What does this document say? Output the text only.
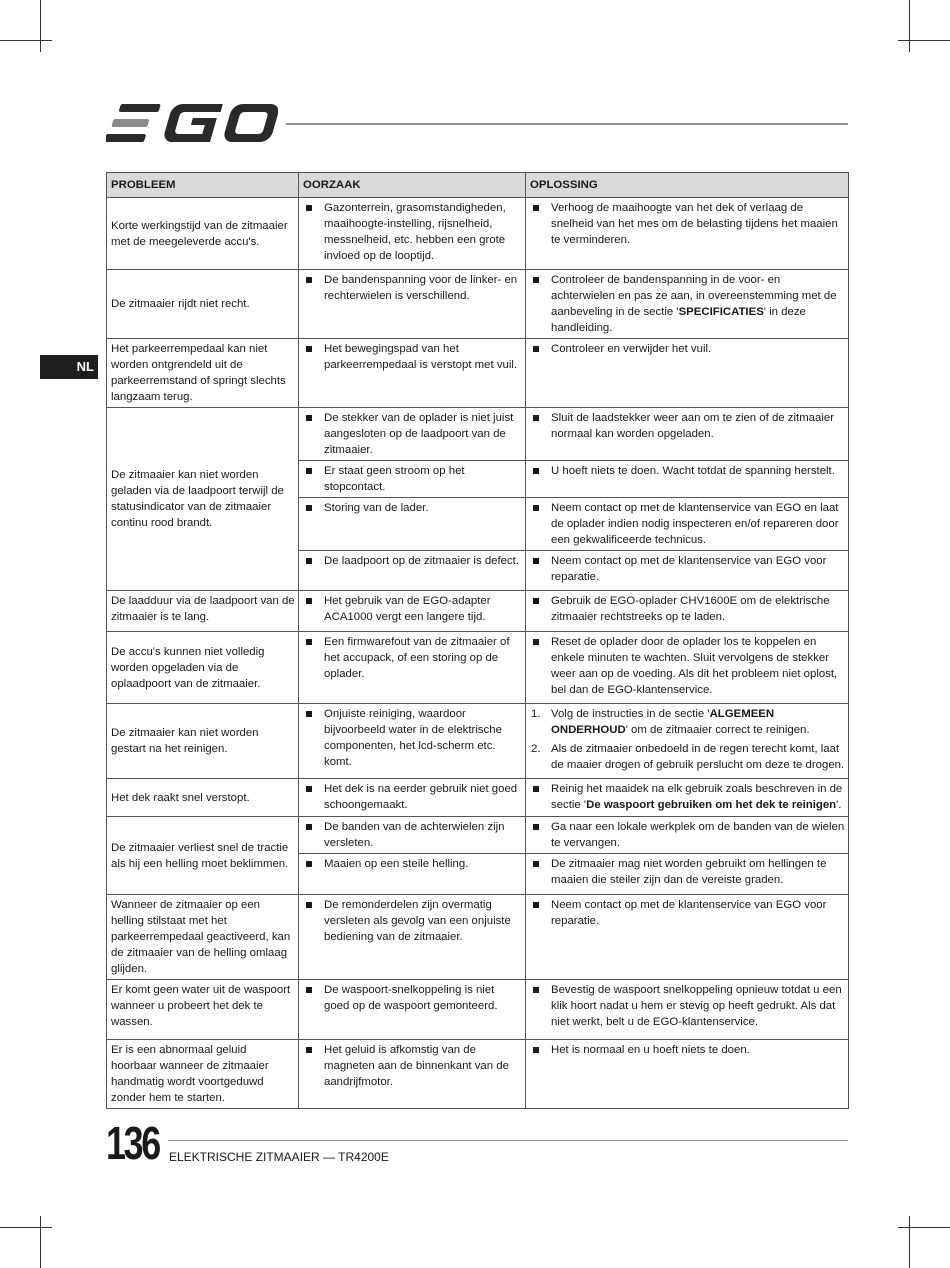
NL
PROBLEEM	OORZAAK	OPLOSSING
Korte werkingstijd van de zitmaaier met de meegeleverde accu's.	Gazonterrein, grasomstandigheden, maaihoogte-instelling, rijsnelheid, messnelheid, etc. hebben een grote invloed op de looptijd.	Verhoog de maaihoogte van het dek of verlaag de snelheid van het mes om de belasting tijdens het maaien te verminderen.

De zitmaaier rijdt niet recht.	De bandenspanning voor de linker- en rechterwielen is verschillend.	Controleer de bandenspanning in de voor- en achterwielen en pas ze aan, in overeenstemming met de aanbeveling in de sectie 'SPECIFICATIES' in deze handleiding.

Het parkeerrempedaal kan niet worden ontgrendeld uit de parkeerremstand of springt slechts langzaam terug.	Het bewegingspad van het parkeerrempedaal is verstopt met vuil.	Controleer en verwijder het vuil.

De zitmaaier kan niet worden geladen via de laadpoort terwijl de statusindicator van de zitmaaier continu rood brandt.	De stekker van de oplader is niet juist aangesloten op de laadpoort van de zitmaaier.	Sluit de laadstekker weer aan om te zien of de zitmaaier normaal kan worden opgeladen.

	Er staat geen stroom op het stopcontact.	U hoeft niets te doen. Wacht totdat de spanning herstelt.

	Storing van de lader.	Neem contact op met de klantenservice van EGO en laat de oplader indien nodig inspecteren en/of repareren door een gekwalificeerde technicus.

	De laadpoort op de zitmaaier is defect.	Neem contact op met de klantenservice van EGO voor reparatie.

De laadduur via de laadpoort van de zitmaaier is te lang.	Het gebruik van de EGO-adapter ACA1000 vergt een langere tijd.	Gebruik de EGO-oplader CHV1600E om de elektrische zitmaaier rechtstreeks op te laden.

De accu's kunnen niet volledig worden opgeladen via de oplaadpoort van de zitmaaier.	Een firmwarefout van de zitmaaier of het accupack, of een storing op de oplader.	Reset de oplader door de oplader los te koppelen en enkele minuten te wachten. Sluit vervolgens de stekker weer aan op de voeding. Als dit het probleem niet oplost, bel dan de EGO-klantenservice.

De zitmaaier kan niet worden gestart na het reinigen.	Onjuiste reiniging, waardoor bijvoorbeeld water in de elektrische componenten, het lcd-scherm etc. komt.	1. Volg de instructies in de sectie 'ALGEMEEN ONDERHOUD' om de zitmaaier correct te reinigen.
2. Als de zitmaaier onbedoeld in de regen terecht komt, laat de maaier drogen of gebruik perslucht om deze te drogen.

Het dek raakt snel verstopt.	Het dek is na eerder gebruik niet goed schoongemaakt.	Reinig het maaidek na elk gebruik zoals beschreven in de sectie 'De waspoort gebruiken om het dek te reinigen'.

De zitmaaier verliest snel de tractie als hij een helling moet beklimmen.	De banden van de achterwielen zijn versleten.	Ga naar een lokale werkplek om de banden van de wielen te vervangen.

	Maaien op een steile helling.	De zitmaaier mag niet worden gebruikt om hellingen te maaien die steiler zijn dan de vereiste graden.

Wanneer de zitmaaier op een helling stilstaat met het parkeerrempedaal geactiveerd, kan de zitmaaier van de helling omlaag glijden.	De remonderdelen zijn overmatig versleten als gevolg van een onjuiste bediening van de zitmaaier.	Neem contact op met de klantenservice van EGO voor reparatie.

Er komt geen water uit de waspoort wanneer u probeert het dek te wassen.	De waspoort-snelkoppeling is niet goed op de waspoort gemonteerd.	Bevestig de waspoort snelkoppeling opnieuw totdat u een klik hoort nadat u hem er stevig op heeft gedrukt. Als dat niet werkt, belt u de EGO-klantenservice.

Er is een abnormaal geluid hoorbaar wanneer de zitmaaier handmatig wordt voortgeduwd zonder hem te starten.	Het geluid is afkomstig van de magneten aan de binnenkant van de aandrijfmotor.	Het is normaal en u hoeft niets te doen.
136 ELEKTRISCHE ZITMAAIER — TR4200E
